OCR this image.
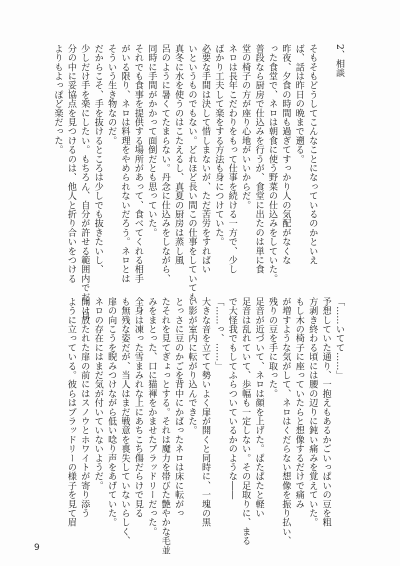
2、相談
そもそもどうしてこんなことになっているのかといえ
ば、話は昨日の晩まで遡る。
昨夜、夕食の時間も過ぎてすっかり人の気配がなくな
った食堂で、ネロは朝食に使う野菜の仕込みをしていた。
普段なら厨房で仕込みを行うが、食堂に出たのは単に食
堂の椅子の方が座り心地がいいからだ。
ネロは長年こだわりをもって仕事を続ける一方で、少し
ばかり工夫して楽をする方法も身につけていた。
必要な手間は決して惜しまないが、ただ苦労をすればい
いというものでもない。どれほど長い間この仕事をしていても
真冬に水を使うのはこたえるし、真夏の厨房は蒸し風
呂のように暑くてたまらない。丹念に仕込みをしながら、
同時に手間がかかって面倒だとも思っていた。
それでも食事を提供する場所があって、食べてくれる相手
がいる限り、ネロは料理をやめられないだろう。ネロとは
そういう生き物なのだ。
だからこそ、手を抜けるところは少しでも抜きたいし、
少しだけ手を楽にしたい。もちろん、自分が許せる範囲内でだ。自
分の中に妥協点を見つけるのは、他人と折り合いをつける
よりもよっぽど楽だった。
「……いてて……」
予想していた通り、一抱えもあるかごいっぱいの豆を粗
方剥き終わる頃には腰の辺りに鈍い痛みを覚えていた。
もし木の椅子に座っていたらと想像するだけで痛み
が増すような気がして、ネロはくだらない想像を振り払い、
残りの豆を手に取った。
足音が近づいて、ネロは顔を上げた。ぱたぱたと軽い
足音は乱れていて、歩幅も一定しない。その足取りに、まる
で大怪我でもしてふらついているかのような――
「……っ、……」
大きな音を立てて勢いよく扉が開くと同時に、一塊の黒
い影が室内に転がり込んできた。
とっさに豆のかごを背中にかばったネロは床に転がっ
たそれを見てぎょっとする。それは魔力を帯びた艶やかな毛並
みをまとった、口に猫褌をかませたブラッドリーだった。
全身は凍った雪まみれな上にあちこち傷だらけで見る
も無残な姿だが、当人はまだ戦意を喪失していないらしく、
扉の向こうを睨みつけながら低い唸り声をあげていた。
ネロの存在にはまだ気が付いていないようだ。
開け放たれた扉の前にはスノウとホワイトが寄り添う
ように立っている。彼らはブラッドリーの様子を見て眉
9
